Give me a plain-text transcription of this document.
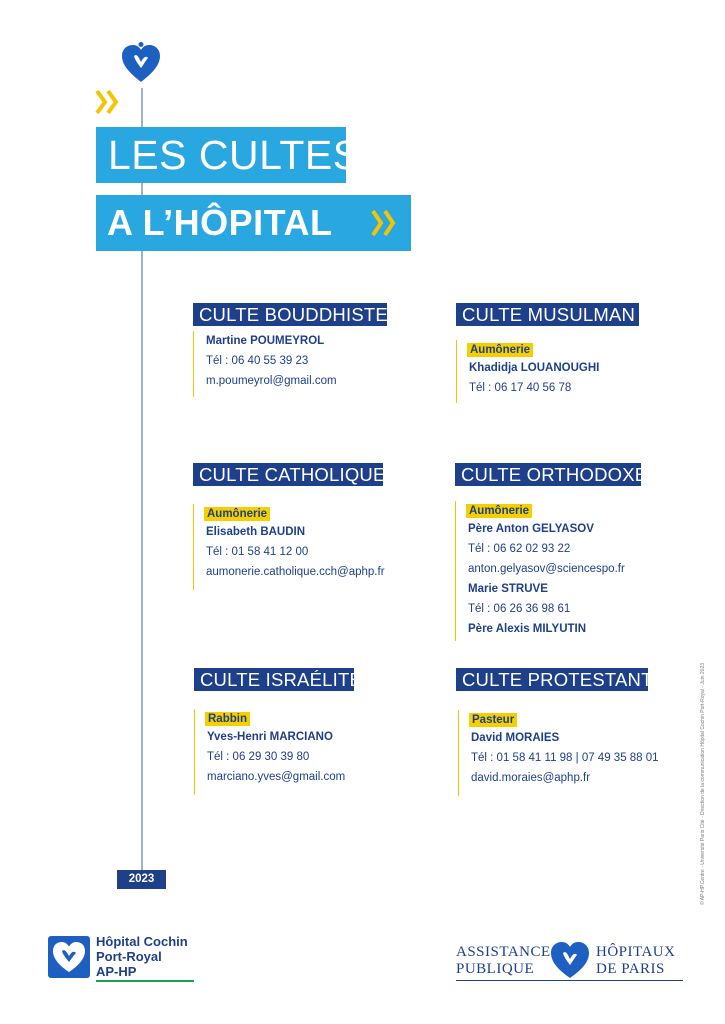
LES CULTES
A L’HÔPITAL
CULTE BOUDDHISTE
Martine POUMEYROL
Tél : 06 40 55 39 23
m.poumeyrol@gmail.com
CULTE MUSULMAN
Aumônerie
Khadidja LOUANOUGHI
Tél : 06 17 40 56 78
CULTE CATHOLIQUE
Aumônerie
Elisabeth BAUDIN
Tél : 01 58 41 12 00
aumonerie.catholique.cch@aphp.fr
CULTE ORTHODOXE
Aumônerie
Père Anton GELYASOV
Tél : 06 62 02 93 22
anton.gelyasov@sciencespo.fr
Marie STRUVE
Tél : 06 26 36 98 61
Père Alexis MILYUTIN
CULTE ISRAÉLITE
Rabbin
Yves-Henri MARCIANO
Tél : 06 29 30 39 80
marciano.yves@gmail.com
CULTE PROTESTANT
Pasteur
David MORAIES
Tél : 01 58 41 11 98 | 07 49 35 88 01
david.moraies@aphp.fr
2023
Hôpital Cochin
Port-Royal
AP-HP
ASSISTANCE
PUBLIQUE
HÔPITAUX
DE PARIS
© AP-HP.Centre - Université Paris Cité - Direction de la communication Hôpital Cochin Port-Royal - Juin 2023
